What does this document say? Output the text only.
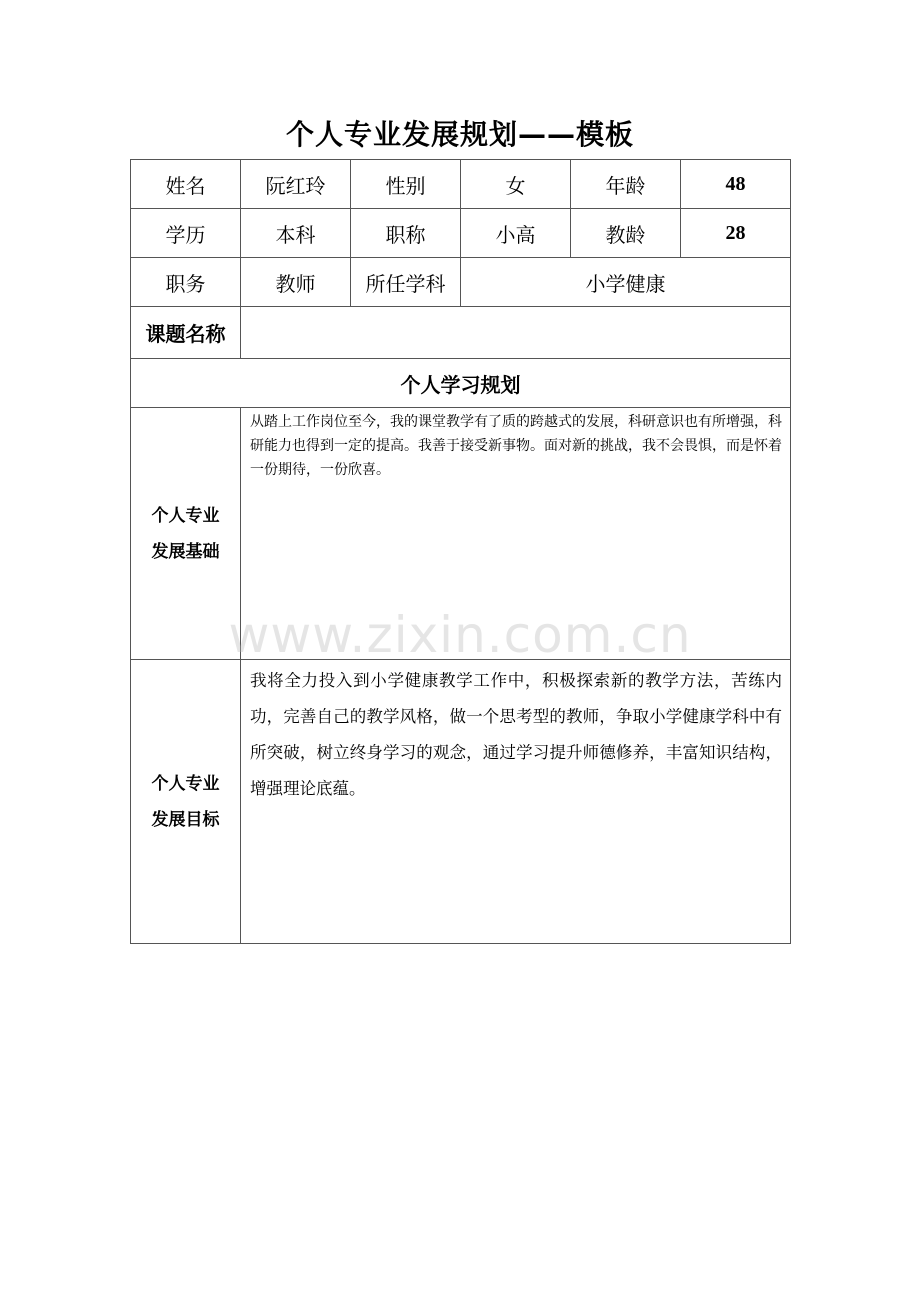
个人专业发展规划——模板
姓名	阮红玲	性别	女	年龄	48
学历	本科	职称	小高	教龄	28
职务	教师	所任学科	小学健康		
课题名称					
个人学习规划					

个人专业
发展基础	从踏上工作岗位至今，我的课堂教学有了质的跨越式的发展，科研意识也有所增强，科研能力也得到一定的提高。我善于接受新事物。面对新的挑战，我不会畏惧，而是怀着一份期待，一份欣喜。				

个人专业
发展目标	我将全力投入到小学健康教学工作中，积极探索新的教学方法，苦练内功，完善自己的教学风格，做一个思考型的教师，争取小学健康学科中有所突破，树立终身学习的观念，通过学习提升师德修养，丰富知识结构，增强理论底蕴。				
www.zixin.com.cn
